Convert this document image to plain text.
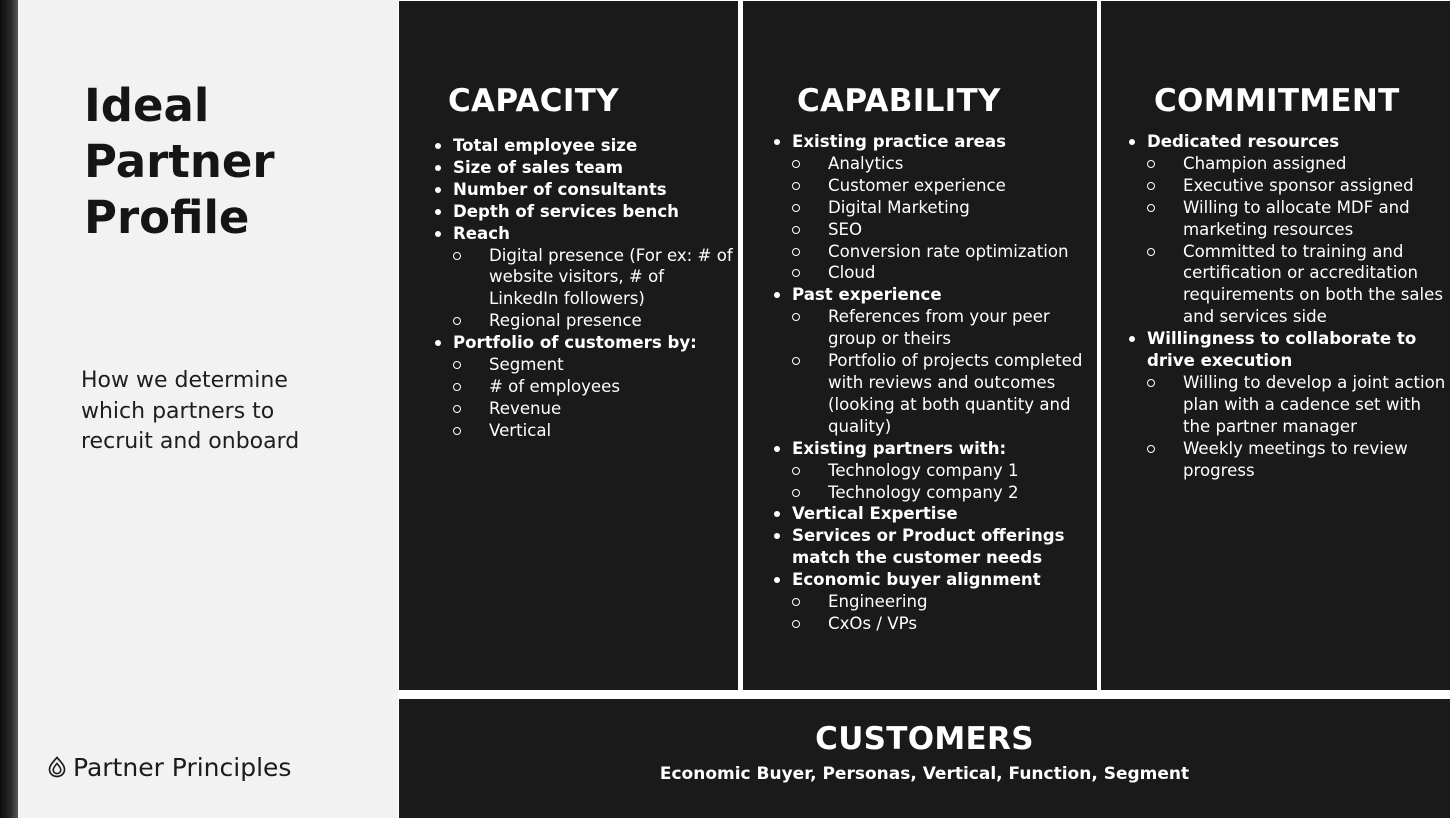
Ideal
Partner
Profile

How we determine
which partners to
recruit and onboard

Partner Principles
CAPACITY
Total employee size
Size of sales team
Number of consultants
Depth of services bench
Reach
Digital presence (For ex: # of website visitors, # of LinkedIn followers)
Regional presence
Portfolio of customers by:
Segment
# of employees
Revenue
Vertical
CAPABILITY
Existing practice areas
Analytics
Customer experience
Digital Marketing
SEO
Conversion rate optimization
Cloud
Past experience
References from your peer group or theirs
Portfolio of projects completed with reviews and outcomes (looking at both quantity and quality)
Existing partners with:
Technology company 1
Technology company 2
Vertical Expertise
Services or Product offerings match the customer needs
Economic buyer alignment
Engineering
CxOs / VPs
COMMITMENT
Dedicated resources
Champion assigned
Executive sponsor assigned
Willing to allocate MDF and marketing resources
Committed to training and certification or accreditation requirements on both the sales and services side
Willingness to collaborate to drive execution
Willing to develop a joint action plan with a cadence set with the partner manager
Weekly meetings to review progress
CUSTOMERS
Economic Buyer, Personas, Vertical, Function, Segment
